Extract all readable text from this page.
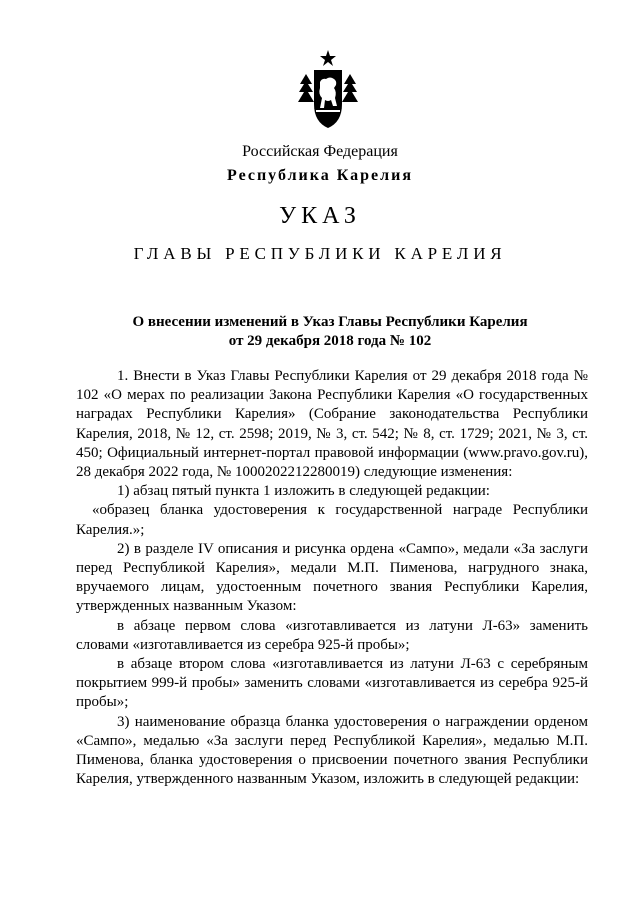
Российская Федерация
Республика Карелия
УКАЗ
ГЛАВЫ РЕСПУБЛИКИ КАРЕЛИЯ
О внесении изменений в Указ Главы Республики Карелия
от 29 декабря 2018 года № 102

1. Внести в Указ Главы Республики Карелия от 29 декабря 2018 года № 102 «О мерах по реализации Закона Республики Карелия «О государственных наградах Республики Карелия» (Собрание законодательства Республики Карелия, 2018, № 12, ст. 2598; 2019, № 3, ст. 542; № 8, ст. 1729; 2021, № 3, ст. 450; Официальный интернет-портал правовой информации (www.pravo.gov.ru), 28 декабря 2022 года, № 1000202212280019) следующие изменения:

1) абзац пятый пункта 1 изложить в следующей редакции:

«образец бланка удостоверения к государственной награде Республики Карелия.»;

2) в разделе IV описания и рисунка ордена «Сампо», медали «За заслуги перед Республикой Карелия», медали М.П. Пименова, нагрудного знака, вручаемого лицам, удостоенным почетного звания Республики Карелия, утвержденных названным Указом:

в абзаце первом слова «изготавливается из латуни Л-63» заменить словами «изготавливается из серебра 925-й пробы»;

в абзаце втором слова «изготавливается из латуни Л-63 с серебряным покрытием 999-й пробы» заменить словами «изготавливается из серебра 925-й пробы»;

3) наименование образца бланка удостоверения о награждении орденом «Сампо», медалью «За заслуги перед Республикой Карелия», медалью М.П. Пименова, бланка удостоверения о присвоении почетного звания Республики Карелия, утвержденного названным Указом, изложить в следующей редакции:
